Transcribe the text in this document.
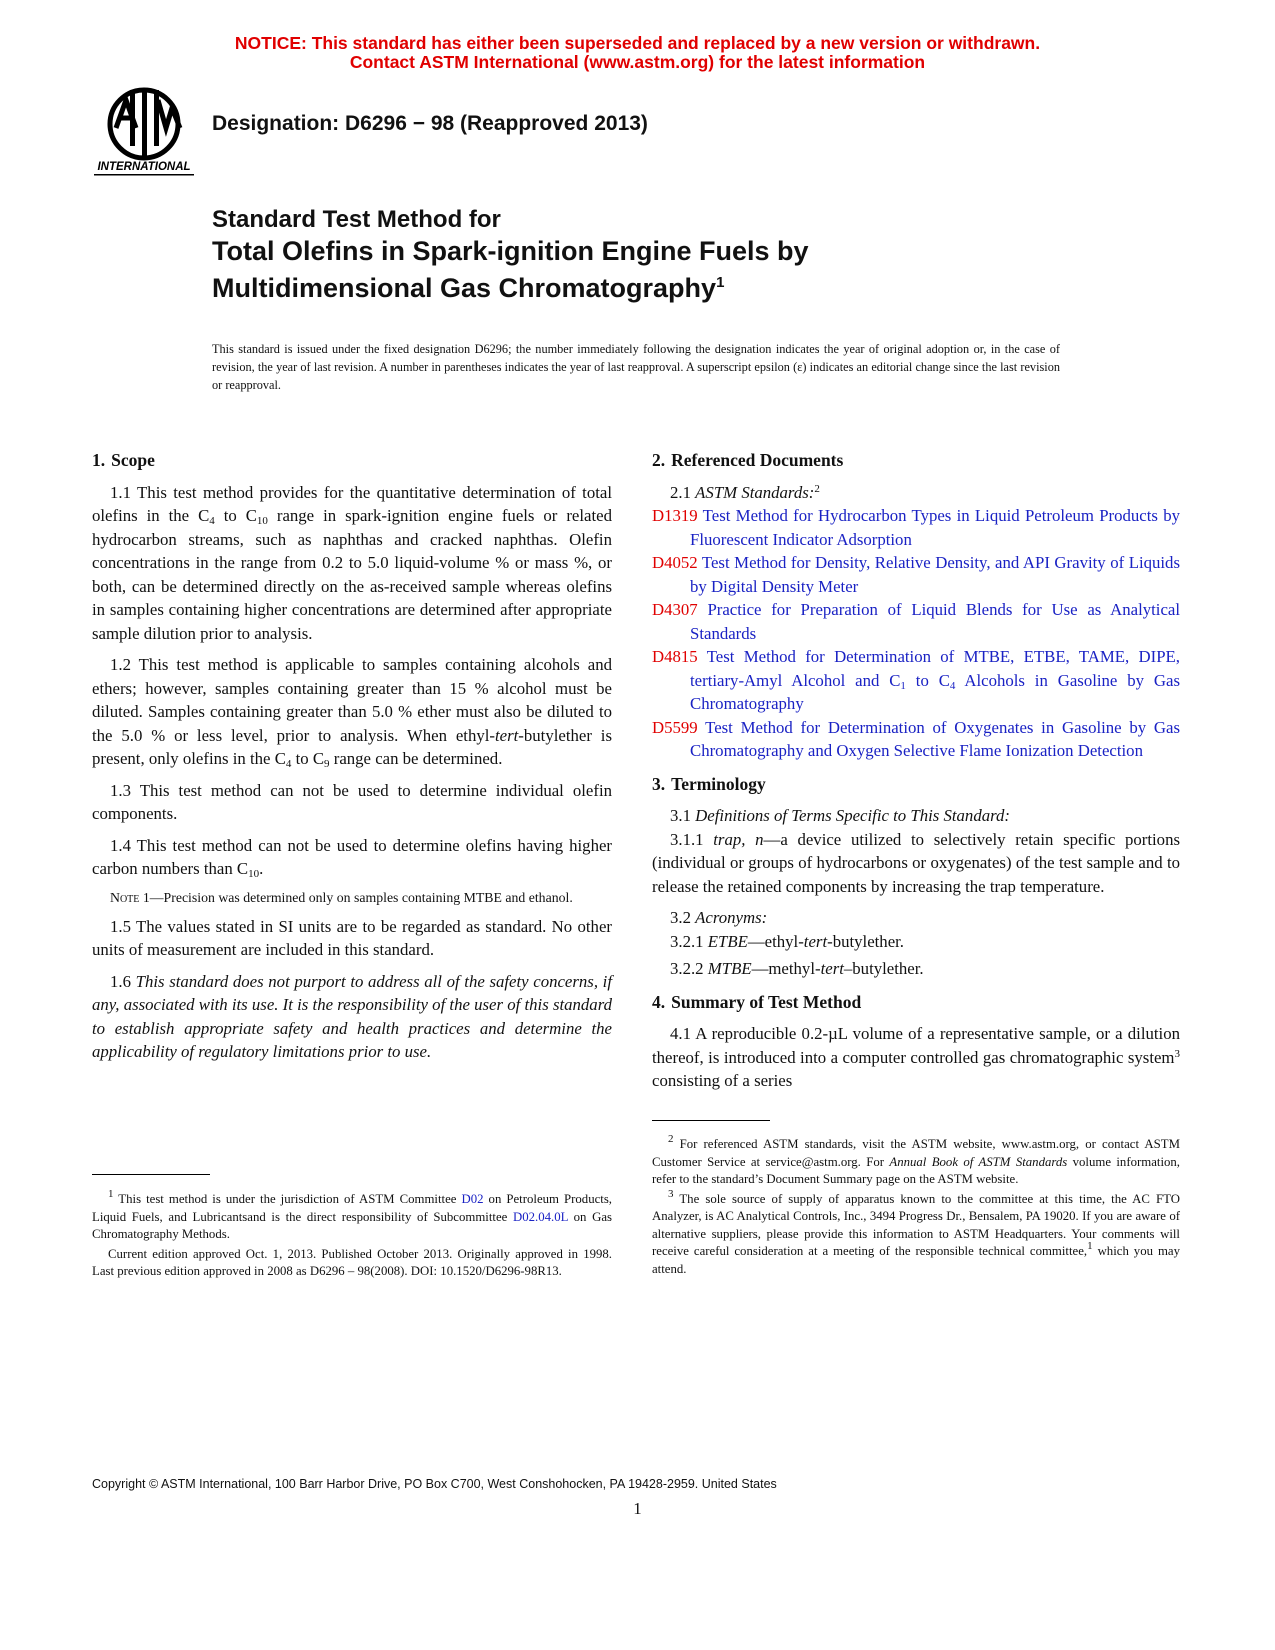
NOTICE: This standard has either been superseded and replaced by a new version or withdrawn.
Contact ASTM International (www.astm.org) for the latest information
INTERNATIONAL
Designation: D6296 − 98 (Reapproved 2013)
Standard Test Method for
Total Olefins in Spark-ignition Engine Fuels by
Multidimensional Gas Chromatography$^1$
This standard is issued under the fixed designation D6296; the number immediately following the designation indicates the year of original adoption or, in the case of revision, the year of last revision. A number in parentheses indicates the year of last reapproval. A superscript epsilon (ε) indicates an editorial change since the last revision or reapproval.
1. Scope

1.1 This test method provides for the quantitative determination of total olefins in the $C_4$ to $C_{10}$ range in spark-ignition engine fuels or related hydrocarbon streams, such as naphthas and cracked naphthas. Olefin concentrations in the range from 0.2 to 5.0 liquid-volume % or mass %, or both, can be determined directly on the as-received sample whereas olefins in samples containing higher concentrations are determined after appropriate sample dilution prior to analysis.

1.2 This test method is applicable to samples containing alcohols and ethers; however, samples containing greater than 15 % alcohol must be diluted. Samples containing greater than 5.0 % ether must also be diluted to the 5.0 % or less level, prior to analysis. When ethyl-tert-butylether is present, only olefins in the $C_4$ to $C_9$ range can be determined.

1.3 This test method can not be used to determine individual olefin components.

1.4 This test method can not be used to determine olefins having higher carbon numbers than $C_{10}$.

Note 1—Precision was determined only on samples containing MTBE and ethanol.

1.5 The values stated in SI units are to be regarded as standard. No other units of measurement are included in this standard.

1.6 This standard does not purport to address all of the safety concerns, if any, associated with its use. It is the responsibility of the user of this standard to establish appropriate safety and health practices and determine the applicability of regulatory limitations prior to use.

1 This test method is under the jurisdiction of ASTM Committee D02 on Petroleum Products, Liquid Fuels, and Lubricantsand is the direct responsibility of Subcommittee D02.04.0L on Gas Chromatography Methods.

Current edition approved Oct. 1, 2013. Published October 2013. Originally approved in 1998. Last previous edition approved in 2008 as D6296 – 98(2008). DOI: 10.1520/D6296-98R13.

2. Referenced Documents

2.1 ASTM Standards:$^2$

D1319 Test Method for Hydrocarbon Types in Liquid Petroleum Products by Fluorescent Indicator Adsorption
D4052 Test Method for Density, Relative Density, and API Gravity of Liquids by Digital Density Meter
D4307 Practice for Preparation of Liquid Blends for Use as Analytical Standards
D4815 Test Method for Determination of MTBE, ETBE, TAME, DIPE, tertiary-Amyl Alcohol and $C_1$ to $C_4$ Alcohols in Gasoline by Gas Chromatography
D5599 Test Method for Determination of Oxygenates in Gasoline by Gas Chromatography and Oxygen Selective Flame Ionization Detection
3. Terminology

3.1 Definitions of Terms Specific to This Standard:

3.1.1 trap, n—a device utilized to selectively retain specific portions (individual or groups of hydrocarbons or oxygenates) of the test sample and to release the retained components by increasing the trap temperature.

3.2 Acronyms:

3.2.1 ETBE—ethyl-tert-butylether.

3.2.2 MTBE—methyl-tert–butylether.

4. Summary of Test Method

4.1 A reproducible 0.2-µL volume of a representative sample, or a dilution thereof, is introduced into a computer controlled gas chromatographic system$^3$ consisting of a series

2 For referenced ASTM standards, visit the ASTM website, www.astm.org, or contact ASTM Customer Service at service@astm.org. For Annual Book of ASTM Standards volume information, refer to the standard’s Document Summary page on the ASTM website.

3 The sole source of supply of apparatus known to the committee at this time, the AC FTO Analyzer, is AC Analytical Controls, Inc., 3494 Progress Dr., Bensalem, PA 19020. If you are aware of alternative suppliers, please provide this information to ASTM Headquarters. Your comments will receive careful consideration at a meeting of the responsible technical committee,1 which you may attend.

Copyright © ASTM International, 100 Barr Harbor Drive, PO Box C700, West Conshohocken, PA 19428-2959. United States
1
